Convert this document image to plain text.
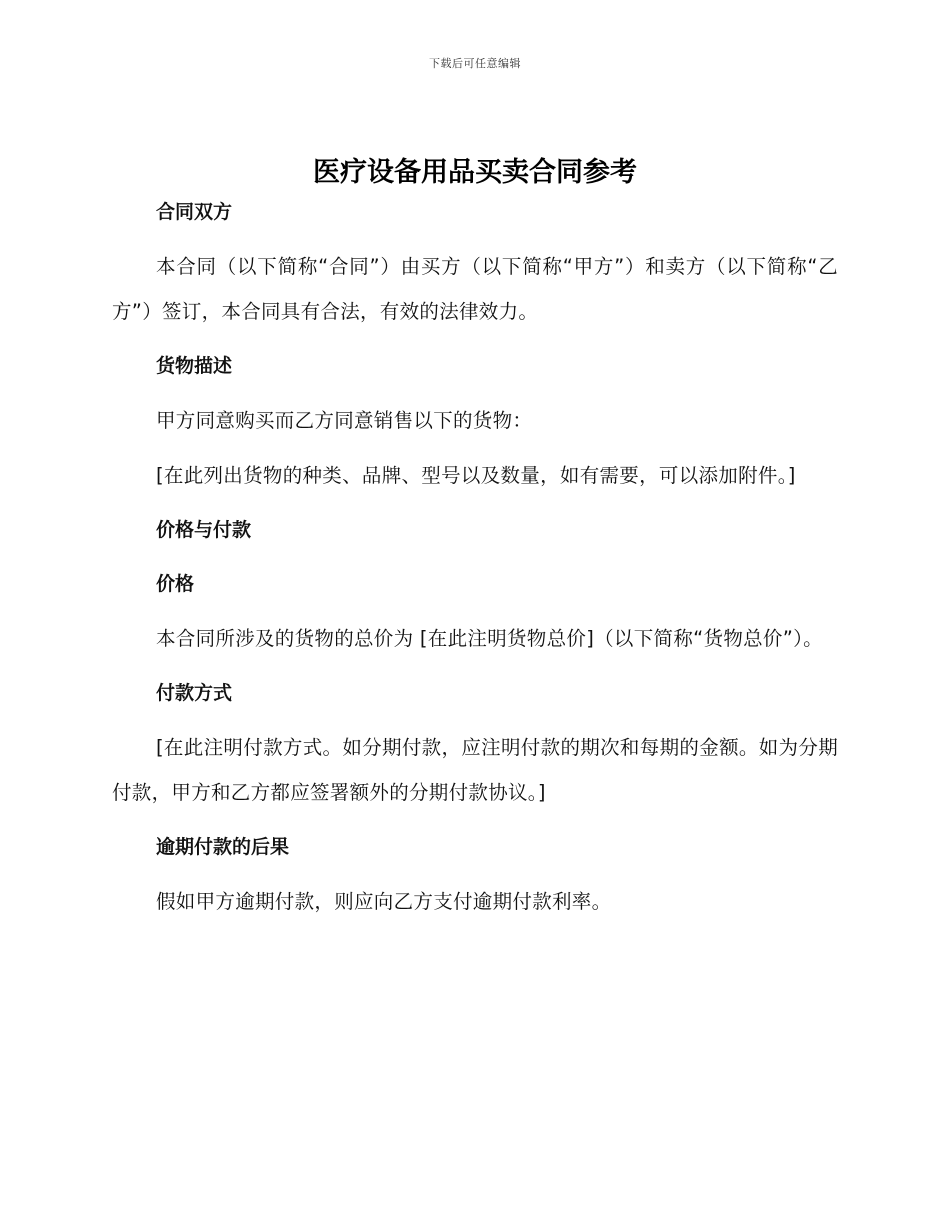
下载后可任意编辑
医疗设备用品买卖合同参考
合同双方
本合同（以下简称“合同”）由买方（以下简称“甲方”）和卖方（以下简称“乙方”）签订，本合同具有合法，有效的法律效力。
货物描述
甲方同意购买而乙方同意销售以下的货物：
[在此列出货物的种类、品牌、型号以及数量，如有需要，可以添加附件。]
价格与付款
价格
本合同所涉及的货物的总价为 [在此注明货物总价]（以下简称“货物总价”）。
付款方式
[在此注明付款方式。如分期付款，应注明付款的期次和每期的金额。如为分期付款，甲方和乙方都应签署额外的分期付款协议。]
逾期付款的后果
假如甲方逾期付款，则应向乙方支付逾期付款利率。
